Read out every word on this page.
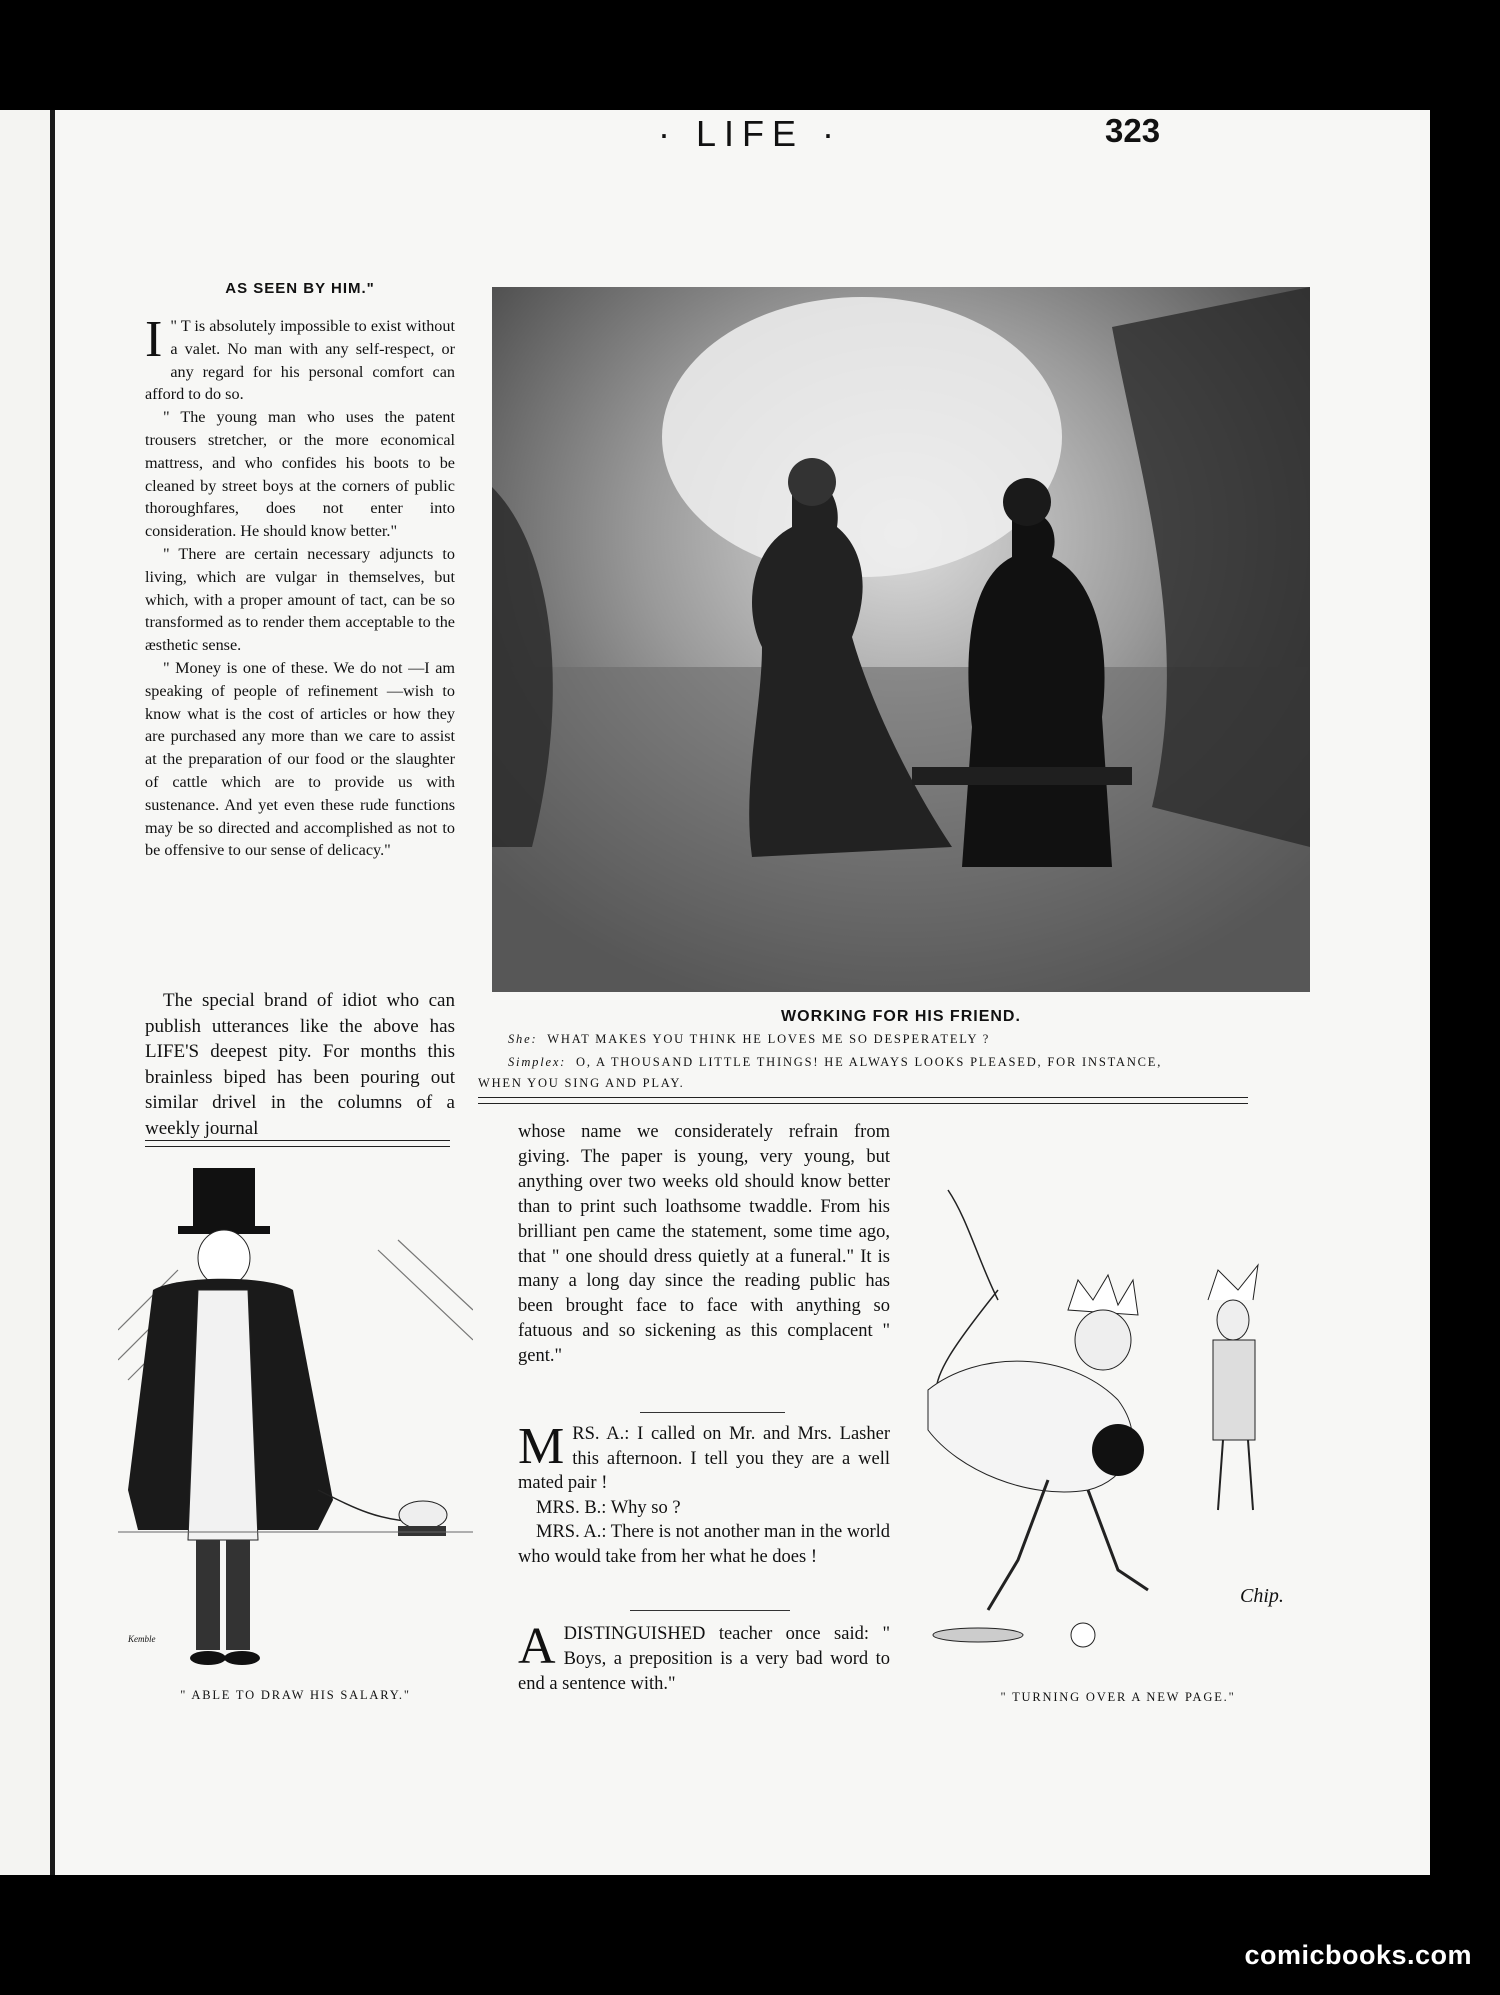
· LIFE ·	323
AS SEEN BY HIM."

I " T is absolutely impossible to exist without a valet. No man with any self-respect, or any regard for his personal comfort can afford to do so.

" The young man who uses the patent trousers stretcher, or the more economical mattress, and who confides his boots to be cleaned by street boys at the corners of public thoroughfares, does not enter into consideration. He should know better."

" There are certain necessary adjuncts to living, which are vulgar in themselves, but which, with a proper amount of tact, can be so transformed as to render them acceptable to the æsthetic sense.

" Money is one of these. We do not —I am speaking of people of refinement —wish to know what is the cost of articles or how they are purchased any more than we care to assist at the preparation of our food or the slaughter of cattle which are to provide us with sustenance. And yet even these rude functions may be so directed and accomplished as not to be offensive to our sense of delicacy."

The special brand of idiot who can publish utterances like the above has LIFE'S deepest pity. For months this brainless biped has been pouring out similar drivel in the columns of a weekly journal

WORKING FOR HIS FRIEND.
She: WHAT MAKES YOU THINK HE LOVES ME SO DESPERATELY ?
Simplex: O, A THOUSAND LITTLE THINGS! HE ALWAYS LOOKS PLEASED, FOR INSTANCE,
WHEN YOU SING AND PLAY.

whose name we considerately refrain from giving. The paper is young, very young, but anything over two weeks old should know better than to print such loathsome twaddle. From his brilliant pen came the statement, some time ago, that " one should dress quietly at a funeral." It is many a long day since the reading public has been brought face to face with anything so fatuous and so sickening as this complacent " gent."

MRS. A.: I called on Mr. and Mrs. Lasher this afternoon. I tell you they are a well mated pair !

MRS. B.: Why so ?

MRS. A.: There is not another man in the world who would take from her what he does !

ADISTINGUISHED teacher once said: " Boys, a preposition is a very bad word to end a sentence with."

Kemble
" ABLE TO DRAW HIS SALARY."
Chip.
" TURNING OVER A NEW PAGE."
comicbooks.com
